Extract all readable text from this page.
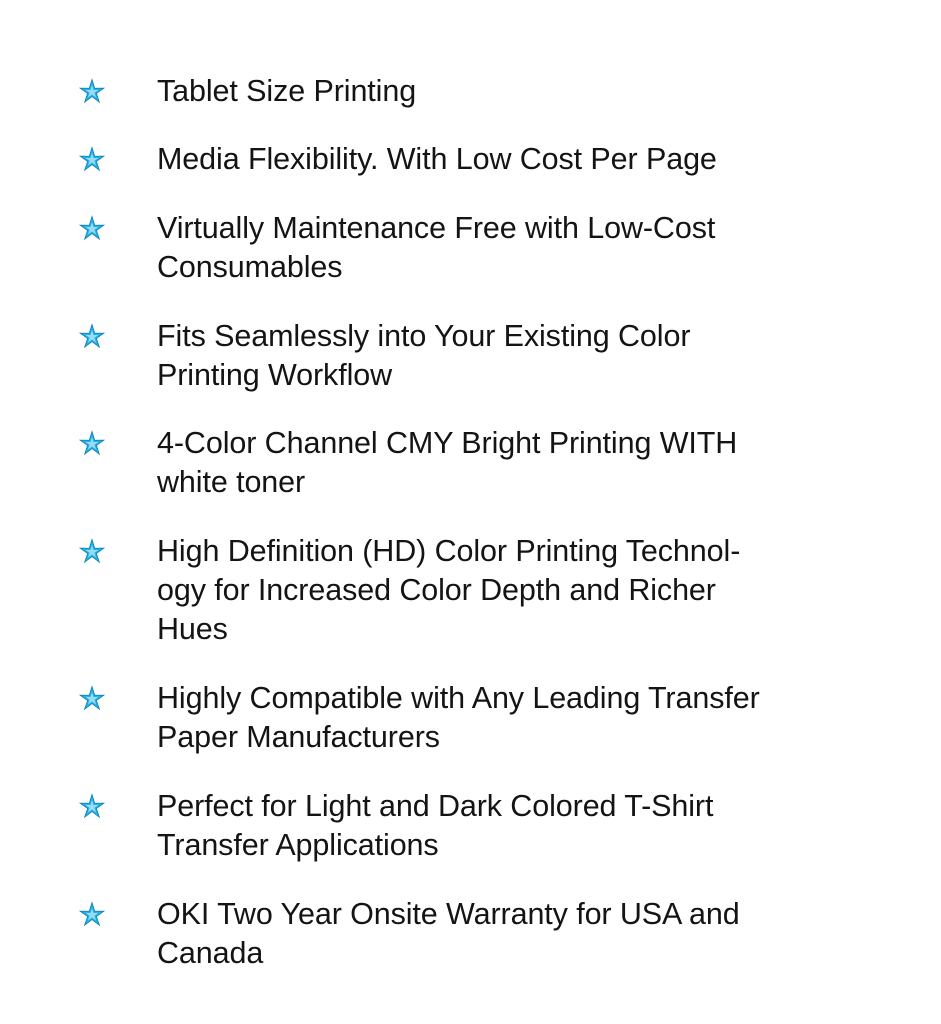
Tablet Size Printing

Media Flexibility. With Low Cost Per Page

Virtually Maintenance Free with Low-Cost
Consumables

Fits Seamlessly into Your Existing Color
Printing Workflow

4-Color Channel CMY Bright Printing WITH
white toner

High Definition (HD) Color Printing Technol-
ogy for Increased Color Depth and Richer
Hues

Highly Compatible with Any Leading Transfer
Paper Manufacturers

Perfect for Light and Dark Colored T-Shirt
Transfer Applications

OKI Two Year Onsite Warranty for USA and
Canada
